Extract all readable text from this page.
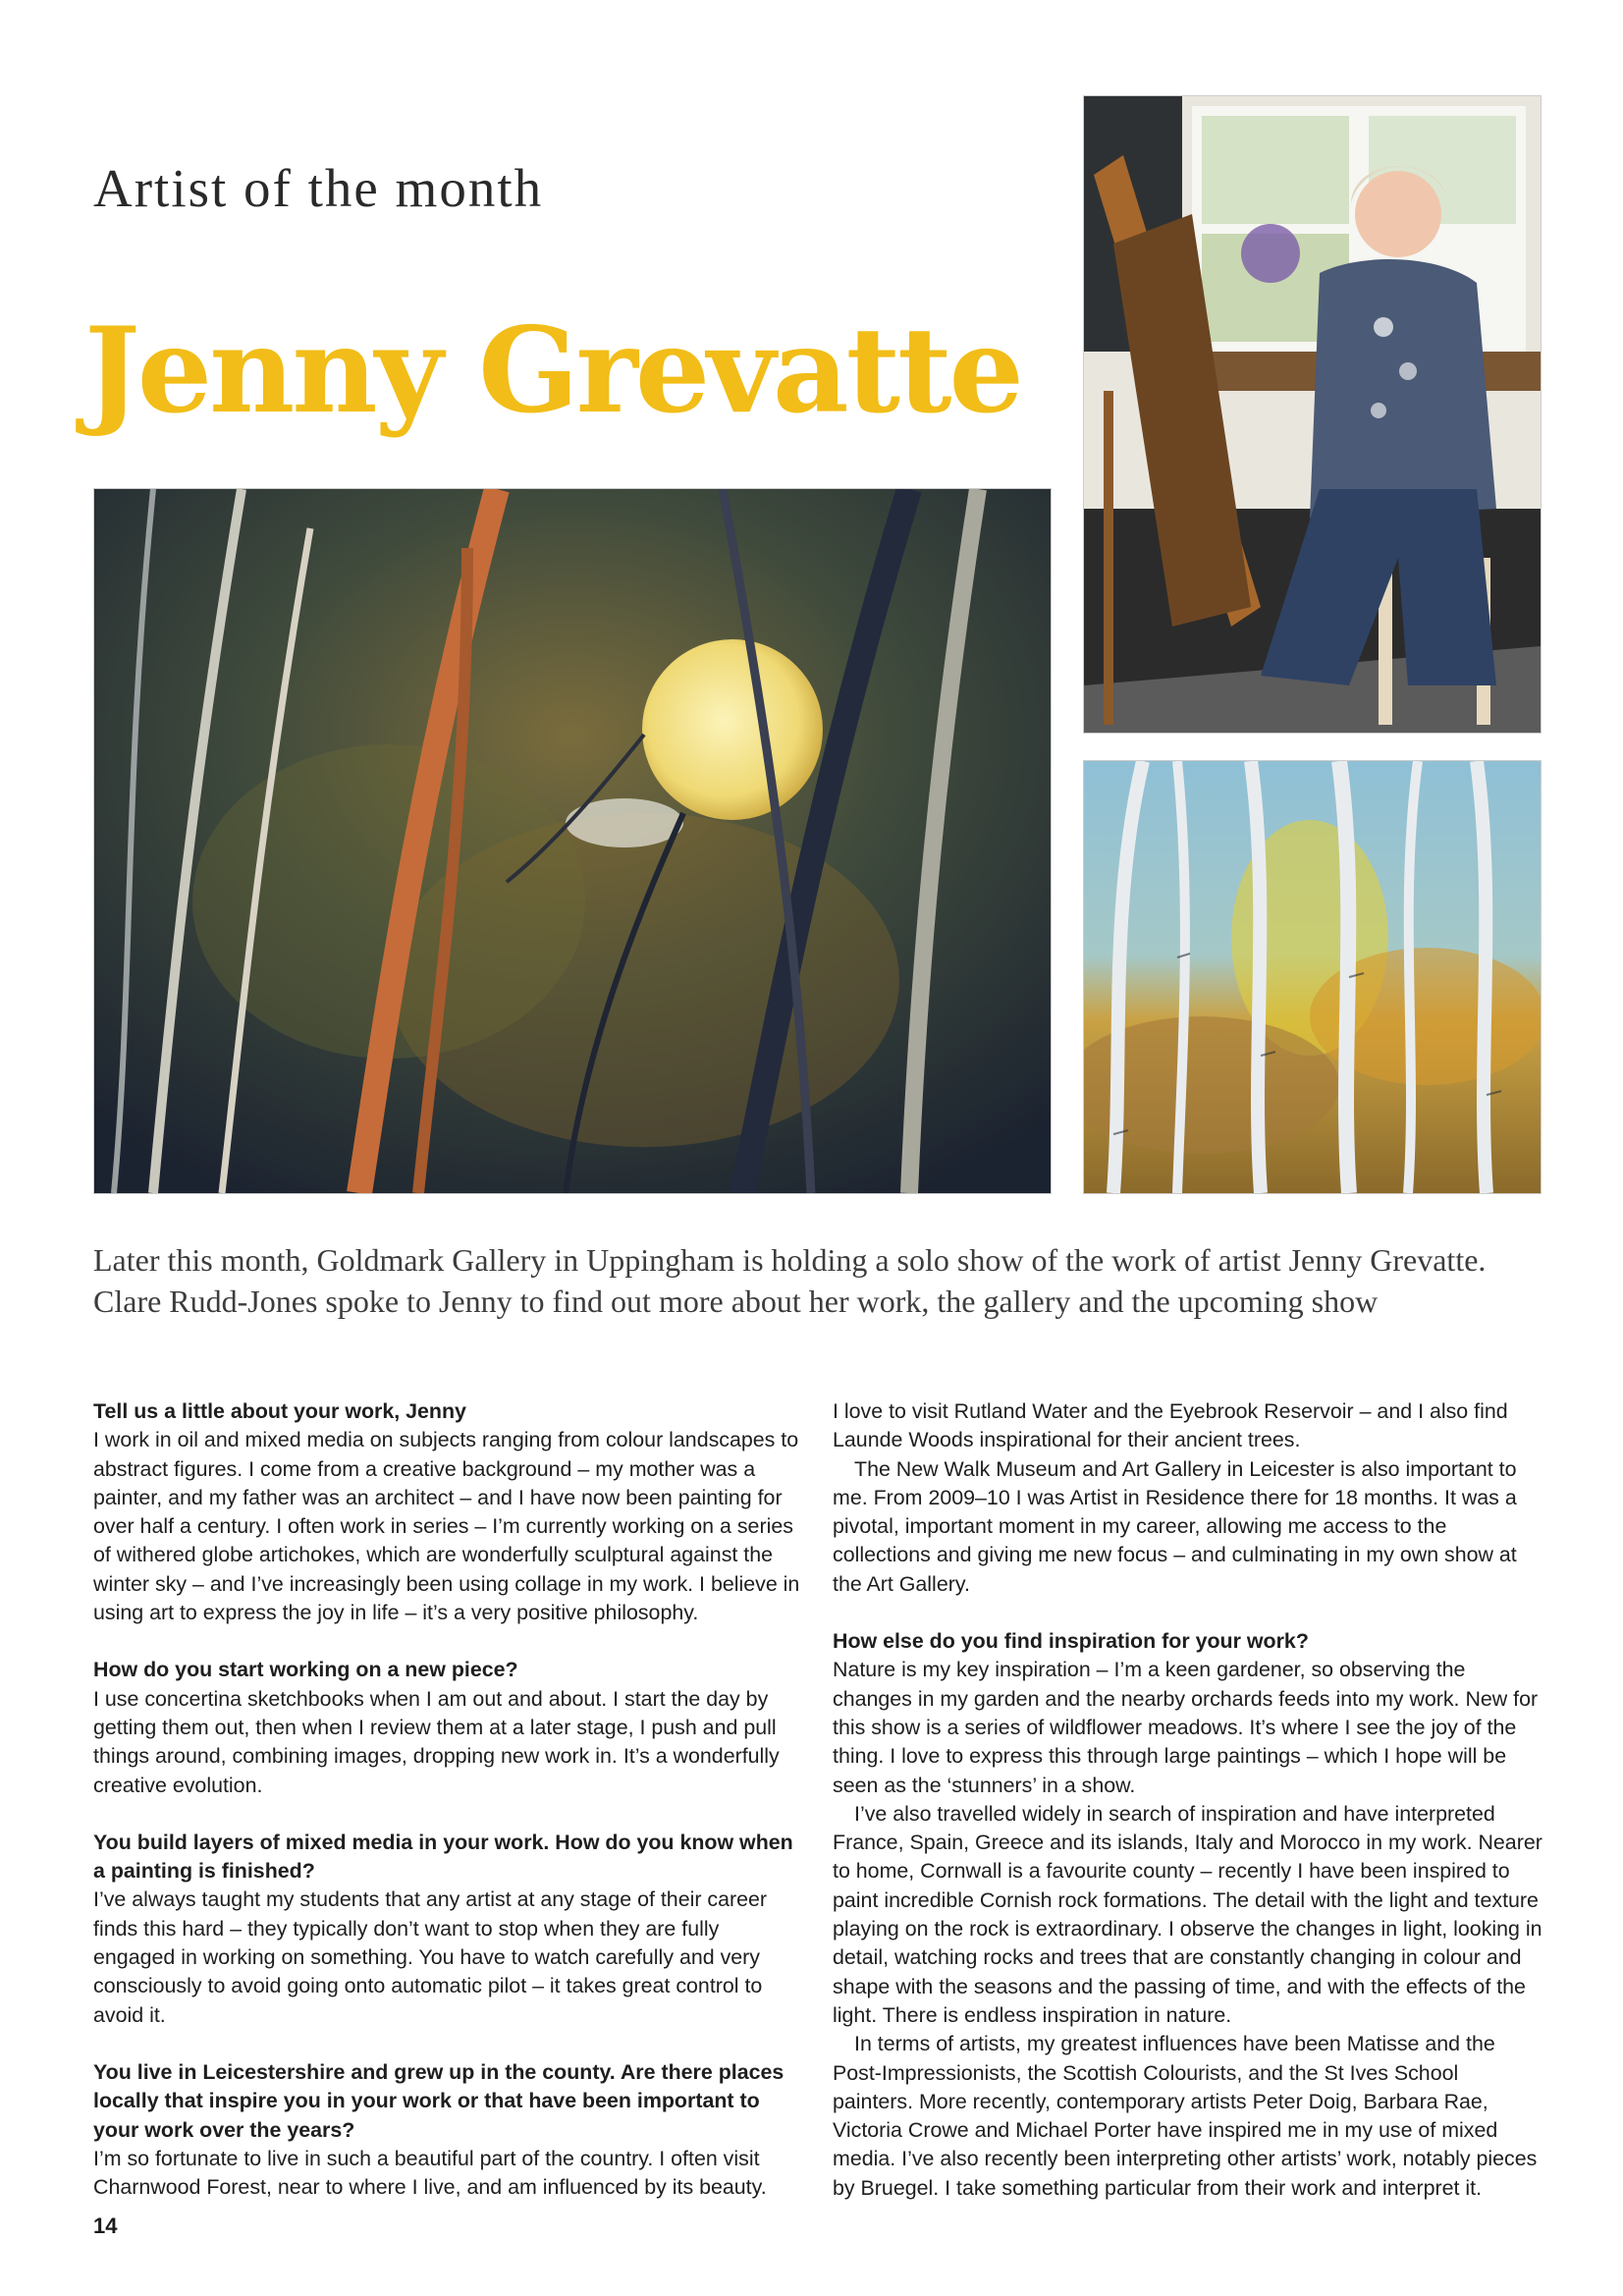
Artist of the month
Jenny Grevatte
Later this month, Goldmark Gallery in Uppingham is holding a solo show of the work of artist Jenny Grevatte. Clare Rudd-Jones spoke to Jenny to find out more about her work, the gallery and the upcoming show
Tell us a little about your work, Jenny

I work in oil and mixed media on subjects ranging from colour landscapes to abstract figures. I come from a creative background – my mother was a painter, and my father was an architect – and I have now been painting for over half a century. I often work in series – I’m currently working on a series of withered globe artichokes, which are wonderfully sculptural against the winter sky – and I’ve increasingly been using collage in my work. I believe in using art to express the joy in life – it’s a very positive philosophy.

How do you start working on a new piece?

I use concertina sketchbooks when I am out and about. I start the day by getting them out, then when I review them at a later stage, I push and pull things around, combining images, dropping new work in. It’s a wonderfully creative evolution.

You build layers of mixed media in your work. How do you know when a painting is finished?

I’ve always taught my students that any artist at any stage of their career finds this hard – they typically don’t want to stop when they are fully engaged in working on something. You have to watch carefully and very consciously to avoid going onto automatic pilot – it takes great control to avoid it.

You live in Leicestershire and grew up in the county. Are there places locally that inspire you in your work or that have been important to your work over the years?

I’m so fortunate to live in such a beautiful part of the country. I often visit Charnwood Forest, near to where I live, and am influenced by its beauty.

I love to visit Rutland Water and the Eyebrook Reservoir – and I also find Launde Woods inspirational for their ancient trees.

The New Walk Museum and Art Gallery in Leicester is also important to me. From 2009–10 I was Artist in Residence there for 18 months. It was a pivotal, important moment in my career, allowing me access to the collections and giving me new focus – and culminating in my own show at the Art Gallery.

How else do you find inspiration for your work?

Nature is my key inspiration – I’m a keen gardener, so observing the changes in my garden and the nearby orchards feeds into my work. New for this show is a series of wildflower meadows. It’s where I see the joy of the thing. I love to express this through large paintings – which I hope will be seen as the ‘stunners’ in a show.

I’ve also travelled widely in search of inspiration and have interpreted France, Spain, Greece and its islands, Italy and Morocco in my work. Nearer to home, Cornwall is a favourite county – recently I have been inspired to paint incredible Cornish rock formations. The detail with the light and texture playing on the rock is extraordinary. I observe the changes in light, looking in detail, watching rocks and trees that are constantly changing in colour and shape with the seasons and the passing of time, and with the effects of the light. There is endless inspiration in nature.

In terms of artists, my greatest influences have been Matisse and the Post-Impressionists, the Scottish Colourists, and the St Ives School painters. More recently, contemporary artists Peter Doig, Barbara Rae, Victoria Crowe and Michael Porter have inspired me in my use of mixed media. I’ve also recently been interpreting other artists’ work, notably pieces by Bruegel. I take something particular from their work and interpret it.

14
